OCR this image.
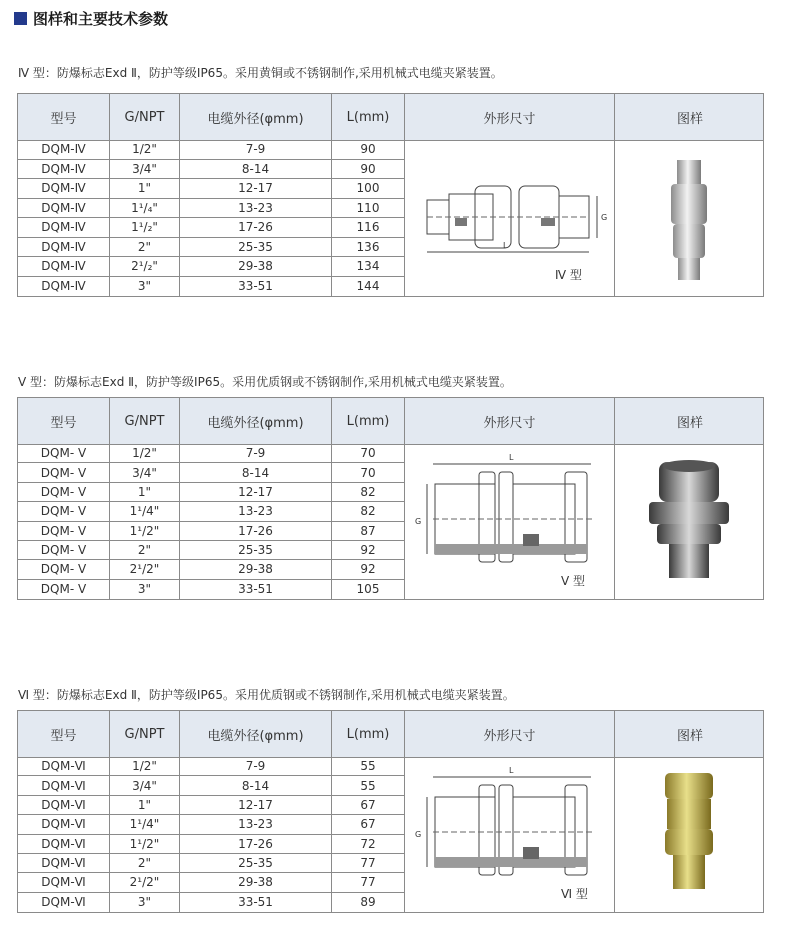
图样和主要技术参数
Ⅳ 型：防爆标志Exd Ⅱ，防护等级IP65。采用黄铜或不锈钢制作,采用机械式电缆夹紧装置。
型号	G/NPT	电缆外径(φmm)	L(mm)	外形尺寸	图样
DQM-Ⅳ	1/2"	7-9	90
DQM-Ⅳ	3/4"	8-14	90
DQM-Ⅳ	1"	12-17	100
DQM-Ⅳ	1¹/₄"	13-23	110
DQM-Ⅳ	1¹/₂"	17-26	116
DQM-Ⅳ	2"	25-35	136
DQM-Ⅳ	2¹/₂"	29-38	134
DQM-Ⅳ	3"	33-51	144
L
G
Ⅳ 型
Ⅴ 型：防爆标志Exd Ⅱ，防护等级IP65。采用优质钢或不锈钢制作,采用机械式电缆夹紧装置。
型号	G/NPT	电缆外径(φmm)	L(mm)	外形尺寸	图样
DQM- Ⅴ	1/2"	7-9	70
DQM- Ⅴ	3/4"	8-14	70
DQM- Ⅴ	1"	12-17	82
DQM- Ⅴ	1¹/4"	13-23	82
DQM- Ⅴ	1¹/2"	17-26	87
DQM- Ⅴ	2"	25-35	92
DQM- Ⅴ	2¹/2"	29-38	92
DQM- Ⅴ	3"	33-51	105
L
G
Ⅴ 型
Ⅵ 型：防爆标志Exd Ⅱ，防护等级IP65。采用优质钢或不锈钢制作,采用机械式电缆夹紧装置。
型号	G/NPT	电缆外径(φmm)	L(mm)	外形尺寸	图样
DQM-Ⅵ	1/2"	7-9	55
DQM-Ⅵ	3/4"	8-14	55
DQM-Ⅵ	1"	12-17	67
DQM-Ⅵ	1¹/4"	13-23	67
DQM-Ⅵ	1¹/2"	17-26	72
DQM-Ⅵ	2"	25-35	77
DQM-Ⅵ	2¹/2"	29-38	77
DQM-Ⅵ	3"	33-51	89
L
G
Ⅵ 型
